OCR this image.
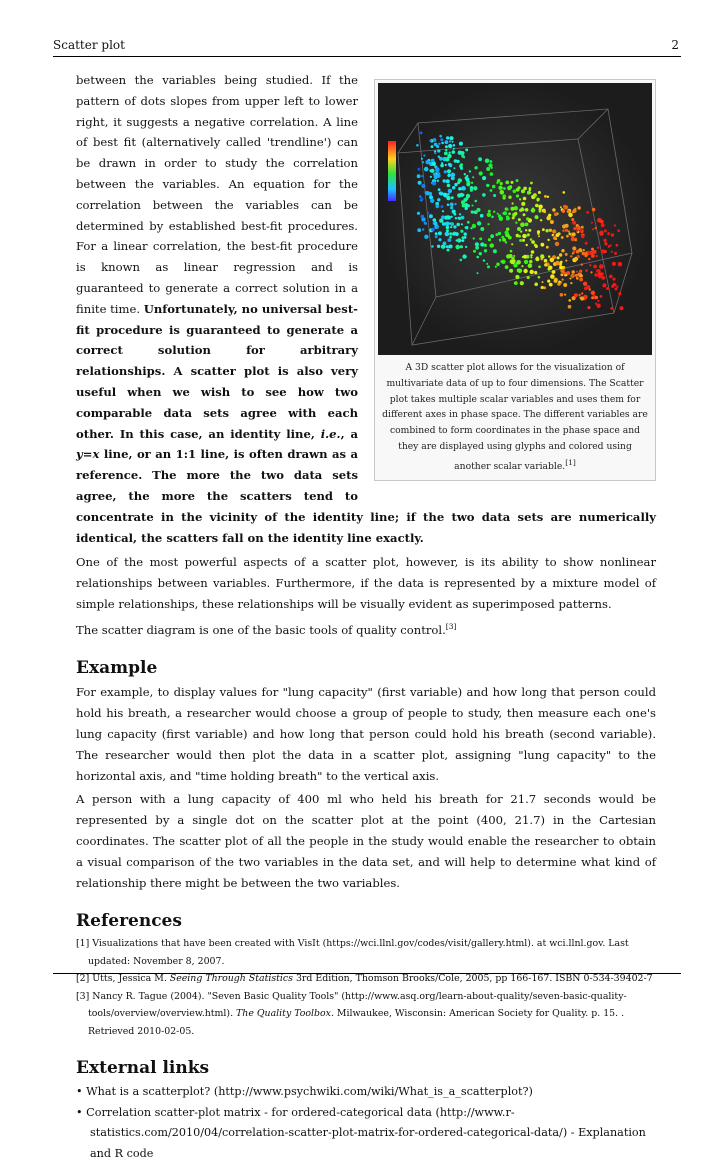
Scatter plot	2
A 3D scatter plot allows for the visualization of multivariate data of up to four dimensions. The Scatter plot takes multiple scalar variables and uses them for different axes in phase space. The different variables are combined to form coordinates in the phase space and they are displayed using glyphs and colored using another scalar variable.[1]
between the variables being studied. If the pattern of dots slopes from upper left to lower right, it suggests a negative correlation. A line of best fit (alternatively called 'trendline') can be drawn in order to study the correlation between the variables. An equation for the correlation between the variables can be determined by established best-fit procedures. For a linear correlation, the best-fit procedure is known as linear regression and is guaranteed to generate a correct solution in a finite time. Unfortunately, no universal best-fit procedure is guaranteed to generate a correct solution for arbitrary relationships. A scatter plot is also very useful when we wish to see how two comparable data sets agree with each other. In this case, an identity line, i.e., a y=x line, or an 1:1 line, is often drawn as a reference. The more the two data sets agree, the more the scatters tend to concentrate in the vicinity of the identity line; if the two data sets are numerically identical, the scatters fall on the identity line exactly.

One of the most powerful aspects of a scatter plot, however, is its ability to show nonlinear relationships between variables. Furthermore, if the data is represented by a mixture model of simple relationships, these relationships will be visually evident as superimposed patterns.

The scatter diagram is one of the basic tools of quality control.[3]

Example

For example, to display values for "lung capacity" (first variable) and how long that person could hold his breath, a researcher would choose a group of people to study, then measure each one's lung capacity (first variable) and how long that person could hold his breath (second variable). The researcher would then plot the data in a scatter plot, assigning "lung capacity" to the horizontal axis, and "time holding breath" to the vertical axis.

A person with a lung capacity of 400 ml who held his breath for 21.7 seconds would be represented by a single dot on the scatter plot at the point (400, 21.7) in the Cartesian coordinates. The scatter plot of all the people in the study would enable the researcher to obtain a visual comparison of the two variables in the data set, and will help to determine what kind of relationship there might be between the two variables.

References
[1] Visualizations that have been created with VisIt (https://wci.llnl.gov/codes/visit/gallery.html). at wci.llnl.gov. Last updated: November 8, 2007.
[2] Utts, Jessica M. Seeing Through Statistics 3rd Edition, Thomson Brooks/Cole, 2005, pp 166-167. ISBN 0-534-39402-7
[3] Nancy R. Tague (2004). "Seven Basic Quality Tools" (http://www.asq.org/learn-about-quality/seven-basic-quality-tools/overview/overview.html). The Quality Toolbox. Milwaukee, Wisconsin: American Society for Quality. p. 15. . Retrieved 2010-02-05.
External links
• What is a scatterplot? (http://www.psychwiki.com/wiki/What_is_a_scatterplot?)
• Correlation scatter-plot matrix - for ordered-categorical data (http://www.r-statistics.com/2010/04/correlation-scatter-plot-matrix-for-ordered-categorical-data/) - Explanation and R code
